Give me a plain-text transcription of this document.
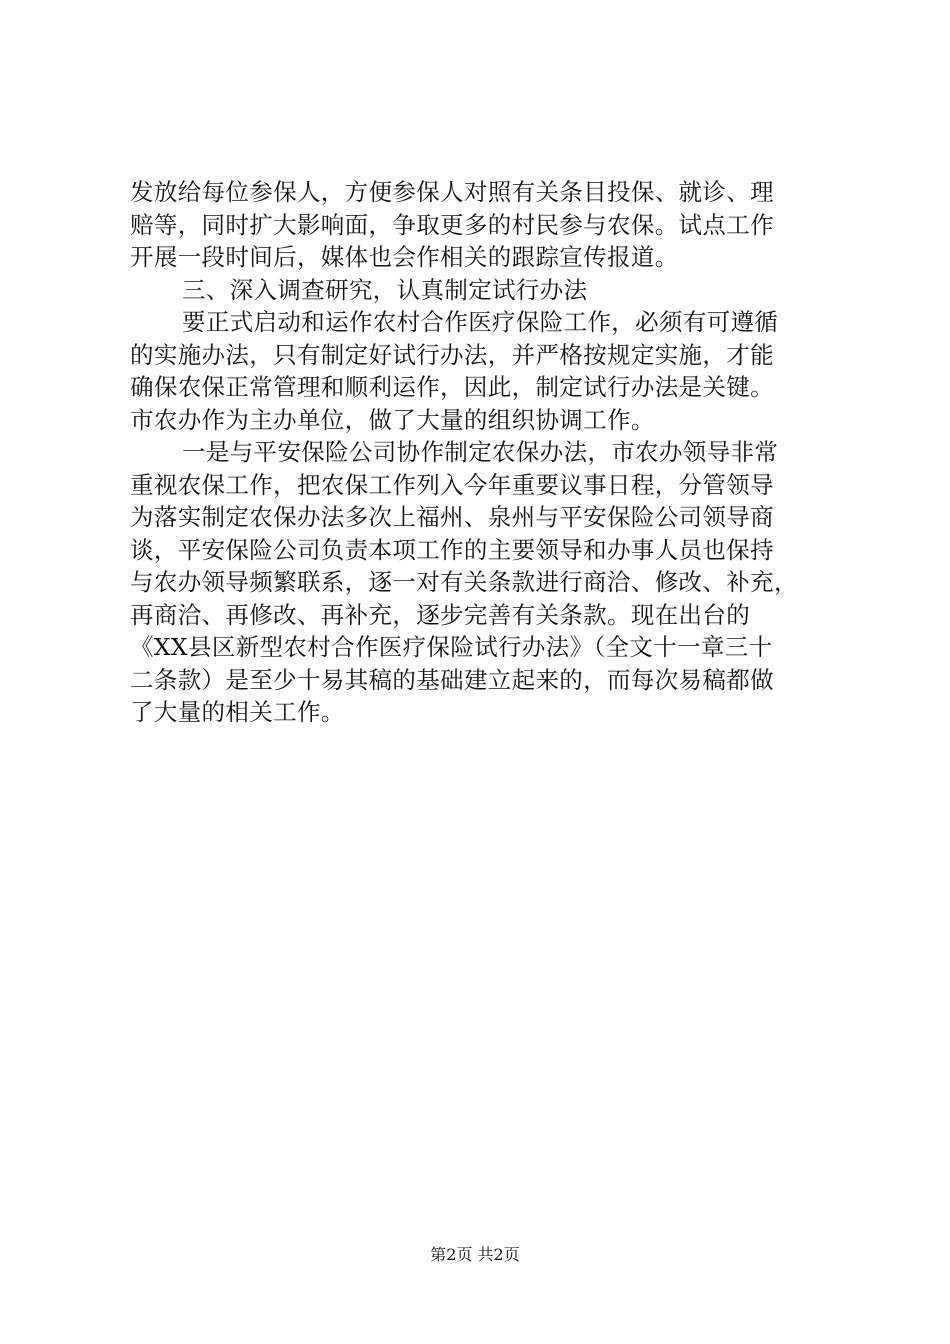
发放给每位参保人，方便参保人对照有关条目投保、就诊、理
赔等，同时扩大影响面，争取更多的村民参与农保。试点工作
开展一段时间后，媒体也会作相关的跟踪宣传报道。
三、深入调查研究，认真制定试行办法
要正式启动和运作农村合作医疗保险工作，必须有可遵循
的实施办法，只有制定好试行办法，并严格按规定实施，才能
确保农保正常管理和顺利运作，因此，制定试行办法是关键。
市农办作为主办单位，做了大量的组织协调工作。
一是与平安保险公司协作制定农保办法，市农办领导非常
重视农保工作，把农保工作列入今年重要议事日程，分管领导
为落实制定农保办法多次上福州、泉州与平安保险公司领导商
谈，平安保险公司负责本项工作的主要领导和办事人员也保持
与农办领导频繁联系，逐一对有关条款进行商洽、修改、补充，
再商洽、再修改、再补充，逐步完善有关条款。现在出台的
《XX县区新型农村合作医疗保险试行办法》（全文十一章三十
二条款）是至少十易其稿的基础建立起来的，而每次易稿都做
了大量的相关工作。
第2页 共2页
